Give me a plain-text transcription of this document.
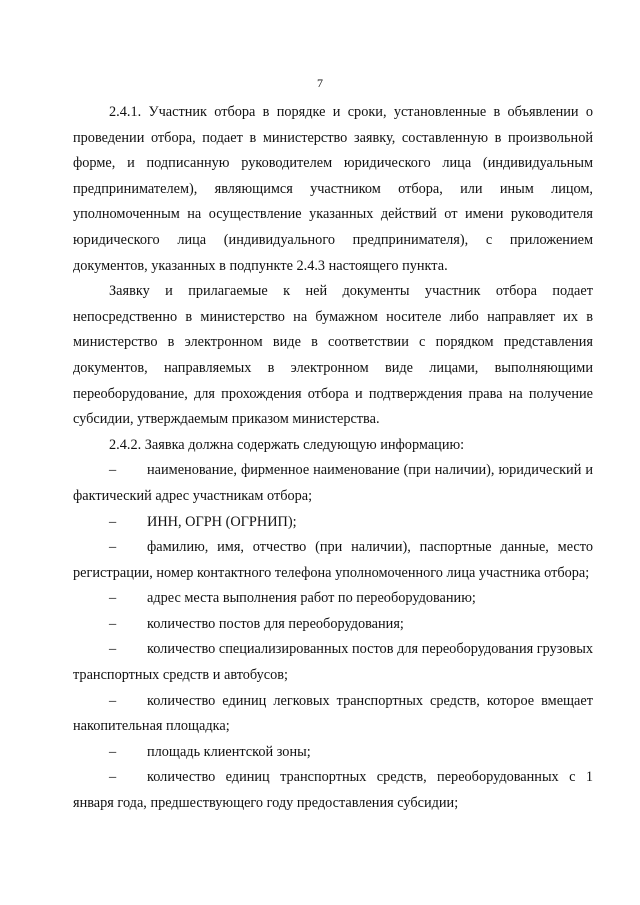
7

2.4.1. Участник отбора в порядке и сроки, установленные в объявлении о проведении отбора, подает в министерство заявку, составленную в произвольной форме, и подписанную руководителем юридического лица (индивидуальным предпринимателем), являющимся участником отбора, или иным лицом, уполномоченным на осуществление указанных действий от имени руководителя юридического лица (индивидуального предпринимателя), с приложением документов, указанных в подпункте 2.4.3 настоящего пункта.

Заявку и прилагаемые к ней документы участник отбора подает непосредственно в министерство на бумажном носителе либо направляет их в министерство в электронном виде в соответствии с порядком представления документов, направляемых в электронном виде лицами, выполняющими переоборудование, для прохождения отбора и подтверждения права на получение субсидии, утверждаемым приказом министерства.

2.4.2. Заявка должна содержать следующую информацию:

– наименование, фирменное наименование (при наличии), юридический и фактический адрес участникам отбора;

– ИНН, ОГРН (ОГРНИП);

– фамилию, имя, отчество (при наличии), паспортные данные, место регистрации, номер контактного телефона уполномоченного лица участника отбора;

– адрес места выполнения работ по переоборудованию;

– количество постов для переоборудования;

– количество специализированных постов для переоборудования грузовых транспортных средств и автобусов;

– количество единиц легковых транспортных средств, которое вмещает накопительная площадка;

– площадь клиентской зоны;

– количество единиц транспортных средств, переоборудованных с 1 января года, предшествующего году предоставления субсидии;
